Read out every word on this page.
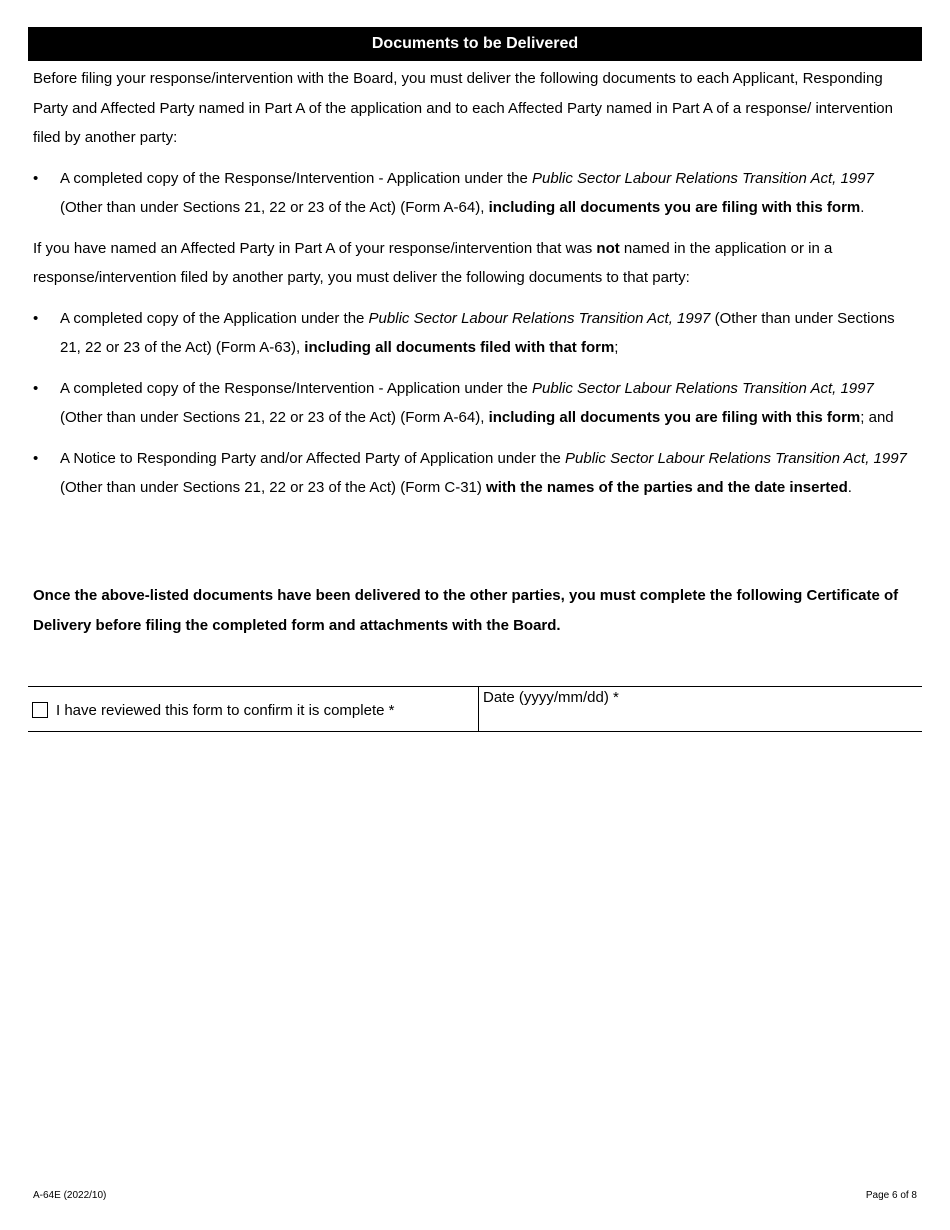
Documents to be Delivered

Before filing your response/intervention with the Board, you must deliver the following documents to each Applicant, Responding Party and Affected Party named in Part A of the application and to each Affected Party named in Part A of a response/ intervention filed by another party:

• A completed copy of the Response/Intervention - Application under the Public Sector Labour Relations Transition Act, 1997 (Other than under Sections 21, 22 or 23 of the Act) (Form A-64), including all documents you are filing with this form.

If you have named an Affected Party in Part A of your response/intervention that was not named in the application or in a response/intervention filed by another party, you must deliver the following documents to that party:

• A completed copy of the Application under the Public Sector Labour Relations Transition Act, 1997 (Other than under Sections 21, 22 or 23 of the Act) (Form A-63), including all documents filed with that form;

• A completed copy of the Response/Intervention - Application under the Public Sector Labour Relations Transition Act, 1997 (Other than under Sections 21, 22 or 23 of the Act) (Form A-64), including all documents you are filing with this form; and

• A Notice to Responding Party and/or Affected Party of Application under the Public Sector Labour Relations Transition Act, 1997 (Other than under Sections 21, 22 or 23 of the Act) (Form C-31) with the names of the parties and the date inserted.

Once the above-listed documents have been delivered to the other parties, you must complete the following Certificate of Delivery before filing the completed form and attachments with the Board.
I have reviewed this form to confirm it is complete *
Date (yyyy/mm/dd) *
A-64E (2022/10)	Page 6 of 8
